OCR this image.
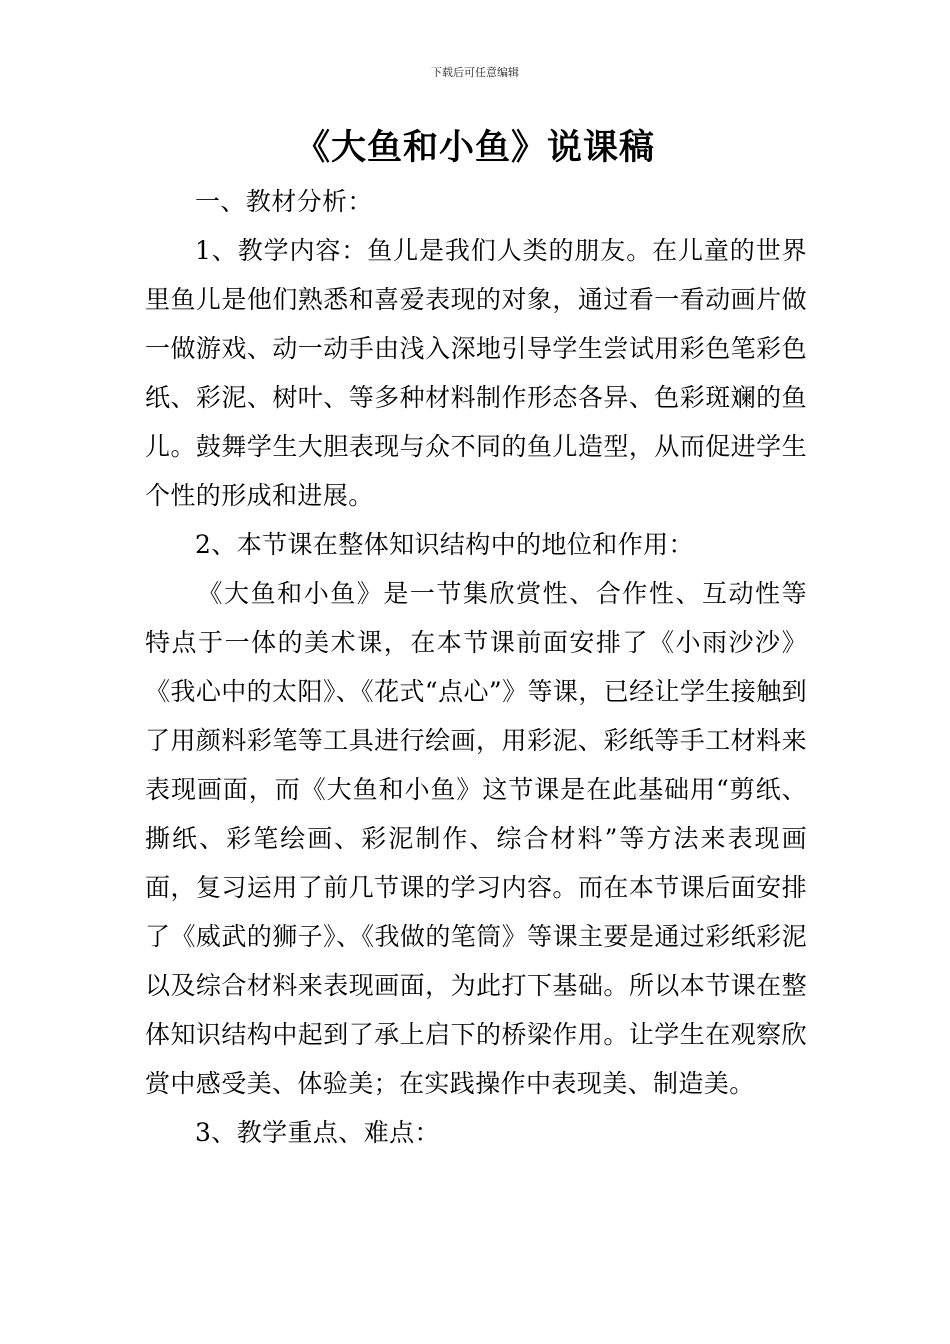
下载后可任意编辑
《大鱼和小鱼》说课稿

一、教材分析：

1、教学内容：鱼儿是我们人类的朋友。在儿童的世界里鱼儿是他们熟悉和喜爱表现的对象，通过看一看动画片做一做游戏、动一动手由浅入深地引导学生尝试用彩色笔彩色纸、彩泥、树叶、等多种材料制作形态各异、色彩斑斓的鱼儿。鼓舞学生大胆表现与众不同的鱼儿造型，从而促进学生个性的形成和进展。

2、本节课在整体知识结构中的地位和作用：

《大鱼和小鱼》是一节集欣赏性、合作性、互动性等特点于一体的美术课，在本节课前面安排了《小雨沙沙》《我心中的太阳》、《花式“点心”》等课，已经让学生接触到了用颜料彩笔等工具进行绘画，用彩泥、彩纸等手工材料来表现画面，而《大鱼和小鱼》这节课是在此基础用“剪纸、撕纸、彩笔绘画、彩泥制作、综合材料”等方法来表现画面，复习运用了前几节课的学习内容。而在本节课后面安排了《威武的狮子》、《我做的笔筒》等课主要是通过彩纸彩泥以及综合材料来表现画面，为此打下基础。所以本节课在整体知识结构中起到了承上启下的桥梁作用。让学生在观察欣赏中感受美、体验美；在实践操作中表现美、制造美。

3、教学重点、难点：
